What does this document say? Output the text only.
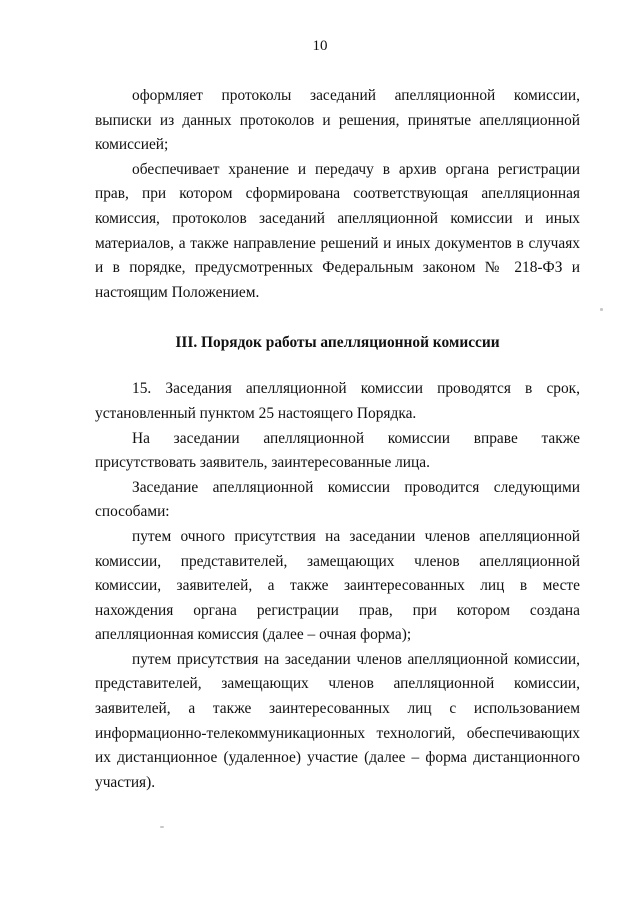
10

оформляет протоколы заседаний апелляционной комиссии, выписки из данных протоколов и решения, принятые апелляционной комиссией;

обеспечивает хранение и передачу в архив органа регистрации прав, при котором сформирована соответствующая апелляционная комиссия, протоколов заседаний апелляционной комиссии и иных материалов, а также направление решений и иных документов в случаях и в порядке, предусмотренных Федеральным законом № 218-ФЗ и настоящим Положением.

III. Порядок работы апелляционной комиссии

15. Заседания апелляционной комиссии проводятся в срок, установленный пунктом 25 настоящего Порядка.

На заседании апелляционной комиссии вправе также присутствовать заявитель, заинтересованные лица.

Заседание апелляционной комиссии проводится следующими способами:

путем очного присутствия на заседании членов апелляционной комиссии, представителей, замещающих членов апелляционной комиссии, заявителей, а также заинтересованных лиц в месте нахождения органа регистрации прав, при котором создана апелляционная комиссия (далее – очная форма);

путем присутствия на заседании членов апелляционной комиссии, представителей, замещающих членов апелляционной комиссии, заявителей, а также заинтересованных лиц с использованием информационно-телекоммуникационных технологий, обеспечивающих их дистанционное (удаленное) участие (далее – форма дистанционного участия).
